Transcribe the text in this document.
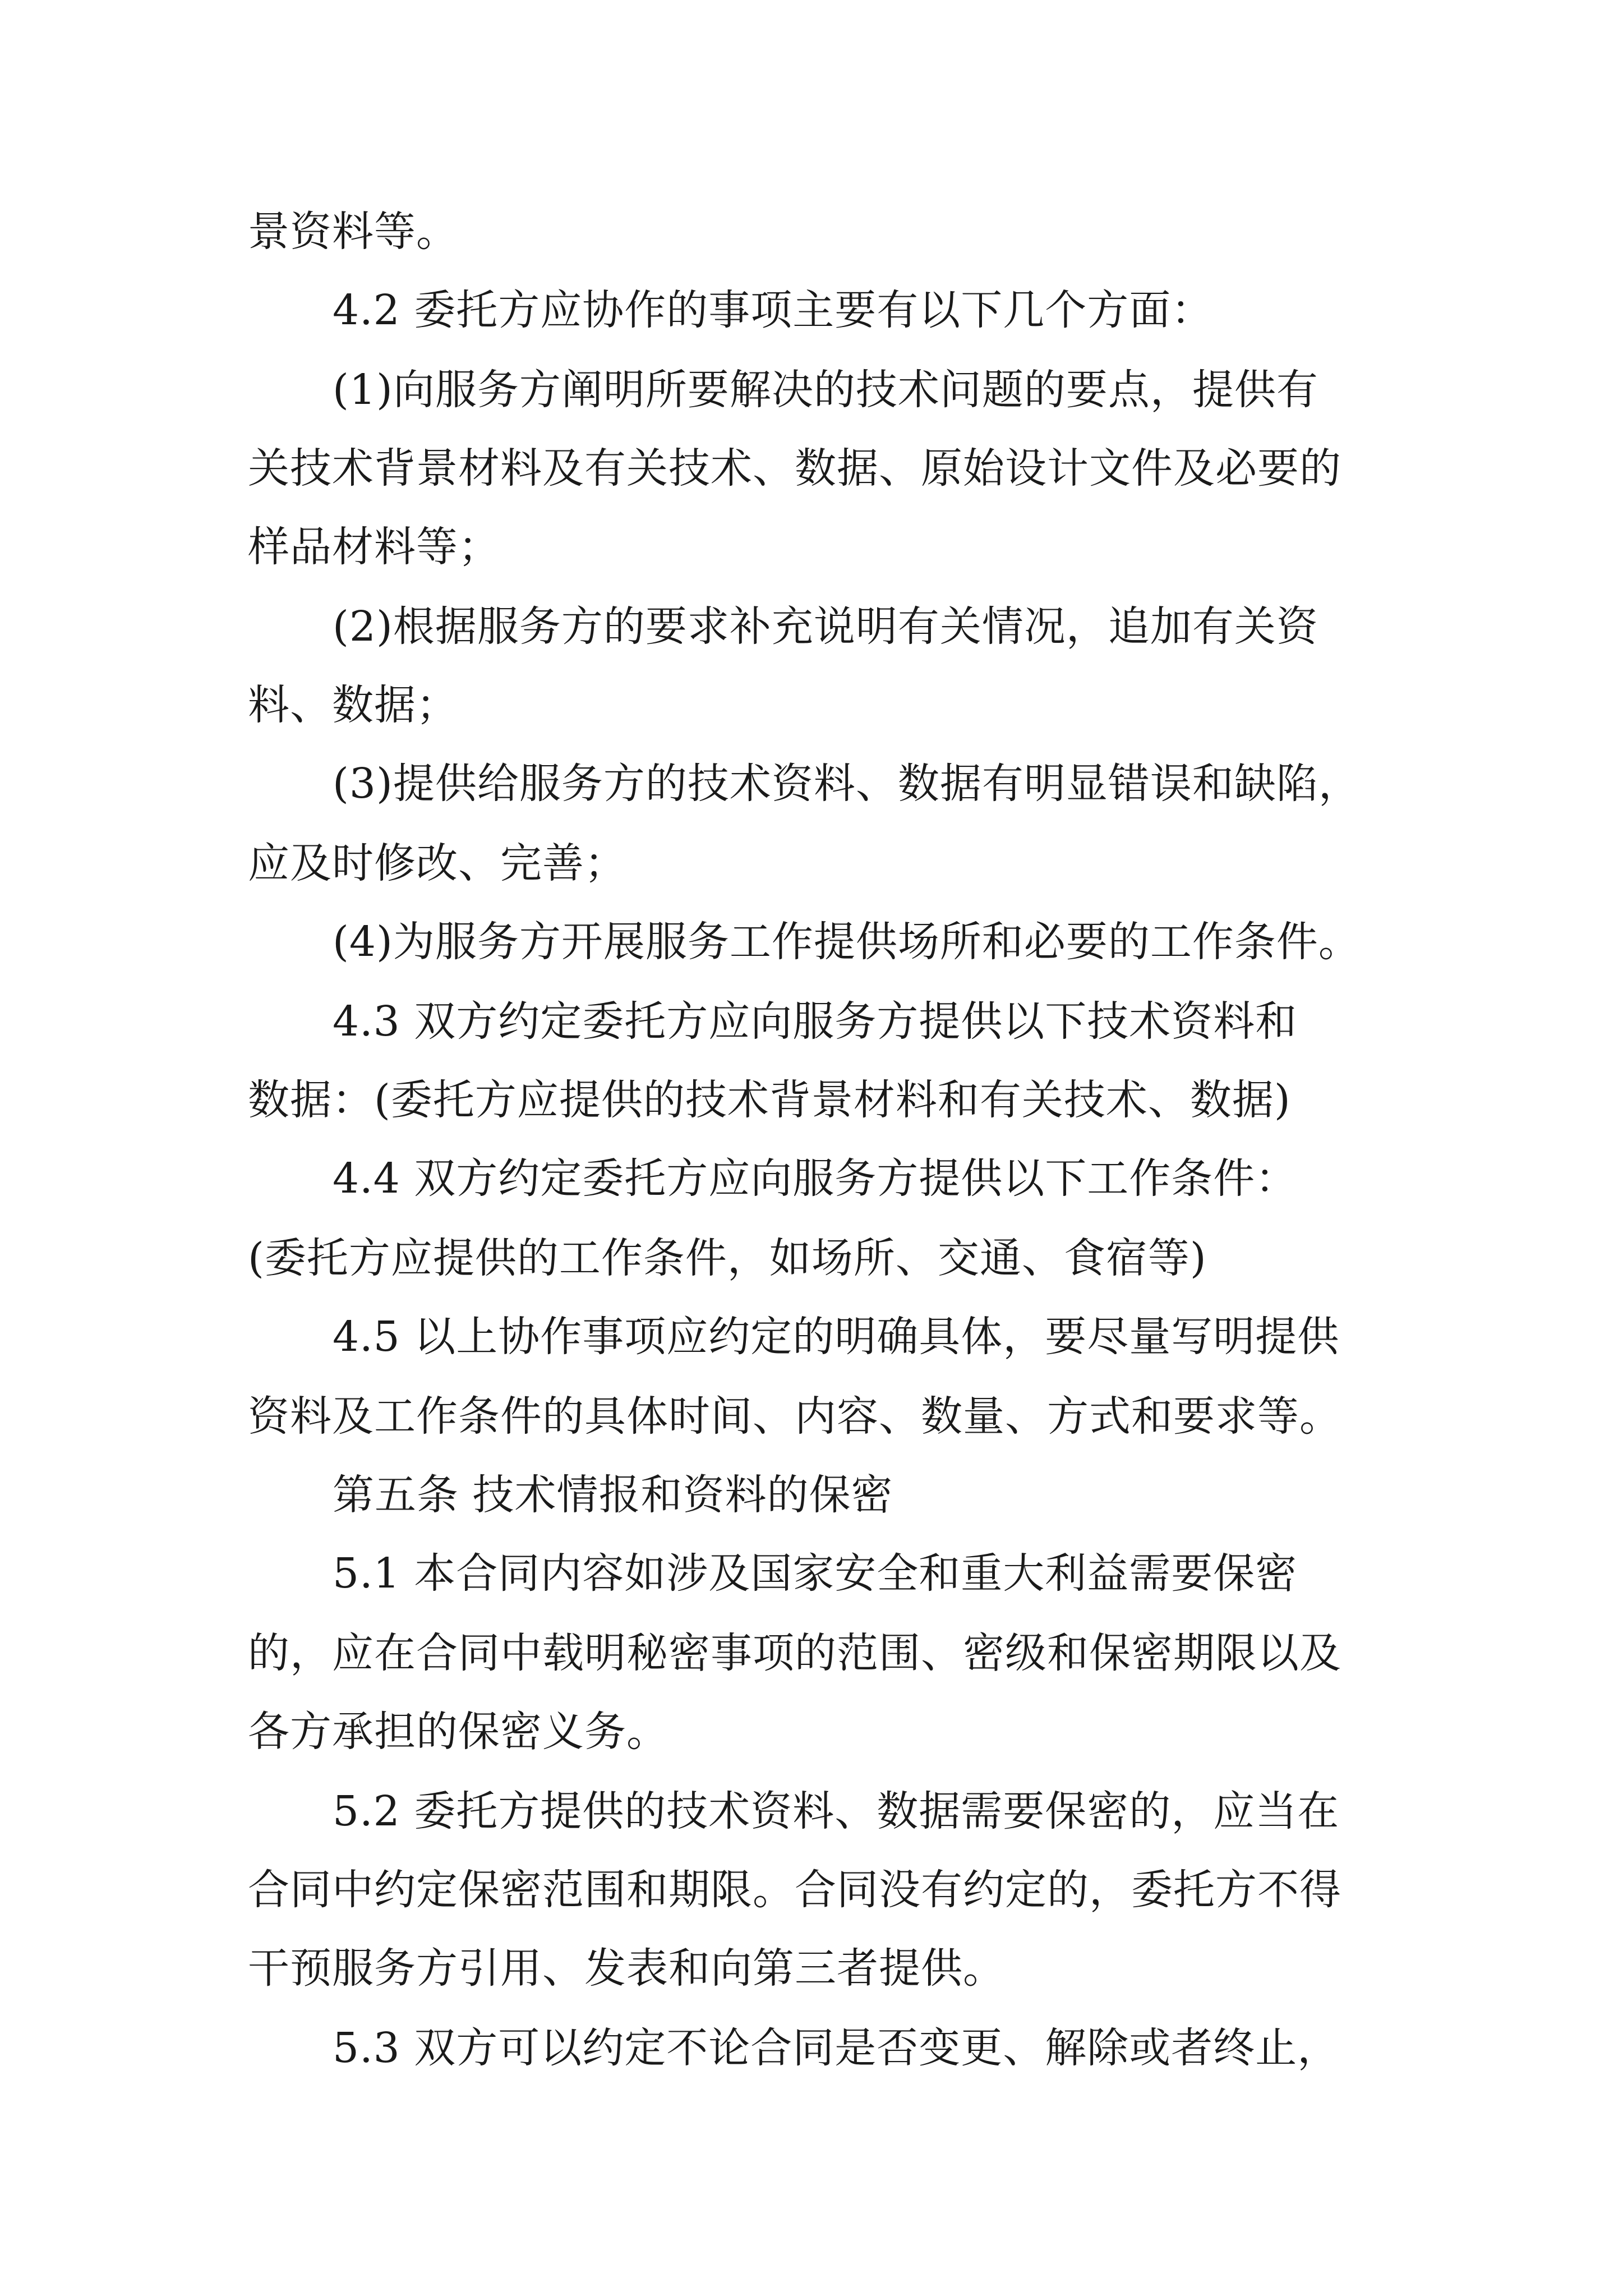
景资料等。
4.2 委托方应协作的事项主要有以下几个方面：
(1)向服务方阐明所要解决的技术问题的要点，提供有
关技术背景材料及有关技术、数据、原始设计文件及必要的
样品材料等；
(2)根据服务方的要求补充说明有关情况，追加有关资
料、数据；
(3)提供给服务方的技术资料、数据有明显错误和缺陷，
应及时修改、完善；
(4)为服务方开展服务工作提供场所和必要的工作条件。
4.3 双方约定委托方应向服务方提供以下技术资料和
数据：(委托方应提供的技术背景材料和有关技术、数据)
4.4 双方约定委托方应向服务方提供以下工作条件：
(委托方应提供的工作条件，如场所、交通、食宿等)
4.5 以上协作事项应约定的明确具体，要尽量写明提供
资料及工作条件的具体时间、内容、数量、方式和要求等。
第五条 技术情报和资料的保密
5.1 本合同内容如涉及国家安全和重大利益需要保密
的，应在合同中载明秘密事项的范围、密级和保密期限以及
各方承担的保密义务。
5.2 委托方提供的技术资料、数据需要保密的，应当在
合同中约定保密范围和期限。合同没有约定的，委托方不得
干预服务方引用、发表和向第三者提供。
5.3 双方可以约定不论合同是否变更、解除或者终止，
